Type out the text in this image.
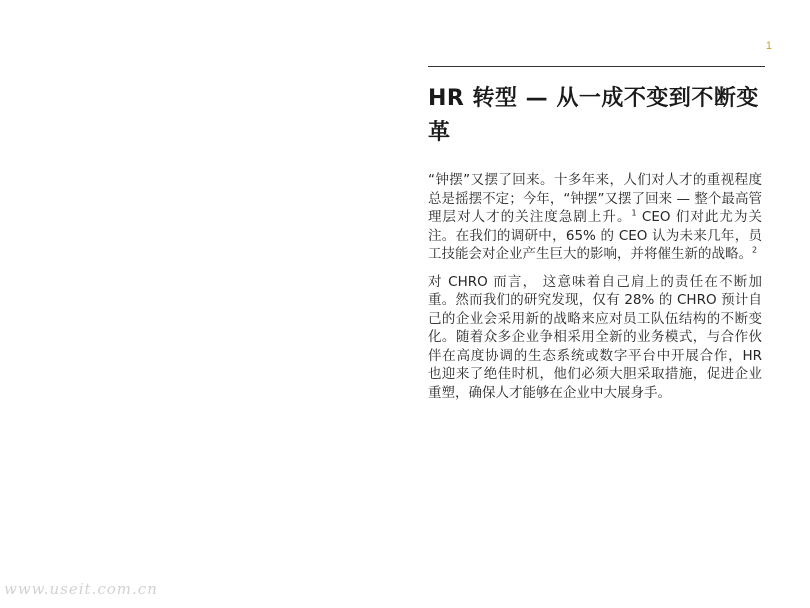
1
HR 转型 — 从一成不变到不断变革

“钟摆”又摆了回来。十多年来，人们对人才的重视程度总是摇摆不定；今年，“钟摆”又摆了回来 — 整个最高管理层对人才的关注度急剧上升。$^1$ CEO 们对此尤为关注。在我们的调研中，65% 的 CEO 认为未来几年，员工技能会对企业产生巨大的影响，并将催生新的战略。$^2$

对 CHRO 而言， 这意味着自己肩上的责任在不断加重。然而我们的研究发现，仅有 28% 的 CHRO 预计自己的企业会采用新的战略来应对员工队伍结构的不断变化。随着众多企业争相采用全新的业务模式，与合作伙伴在高度协调的生态系统或数字平台中开展合作，HR 也迎来了绝佳时机，他们必须大胆采取措施，促进企业重塑，确保人才能够在企业中大展身手。

www.useit.com.cn
